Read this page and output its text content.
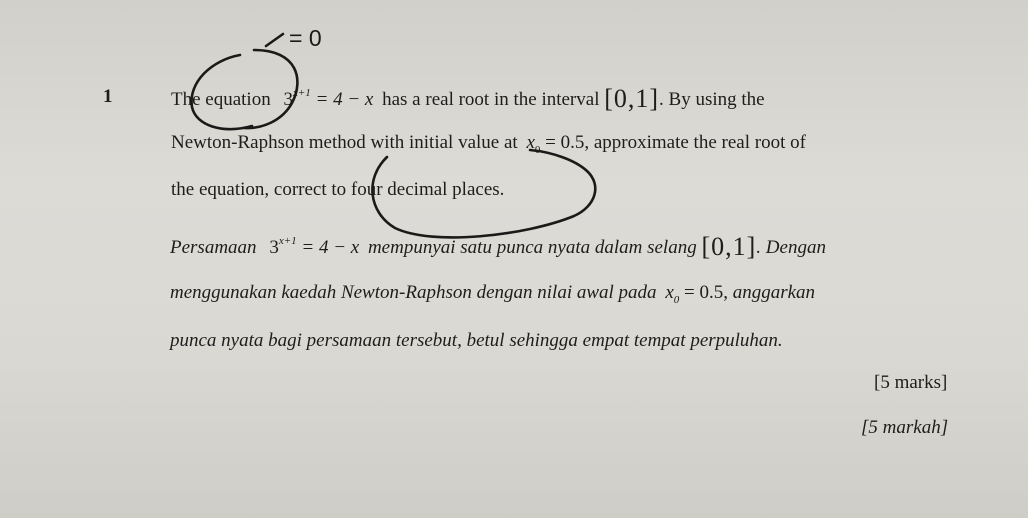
1	The equation $3^{x+1} = 4 - x$ has a real root in the interval [0,1]. By using the
Newton-Raphson method with initial value at $x_0 = 0.5$, approximate the real root of
the equation, correct to four decimal places.
Persamaan $3^{x+1} = 4 - x$ mempunyai satu punca nyata dalam selang [0,1]. Dengan
menggunakan kaedah Newton-Raphson dengan nilai awal pada $x_0 = 0.5$, anggarkan
punca nyata bagi persamaan tersebut, betul sehingga empat tempat perpuluhan.
[5 marks]
[5 markah]
= 0
